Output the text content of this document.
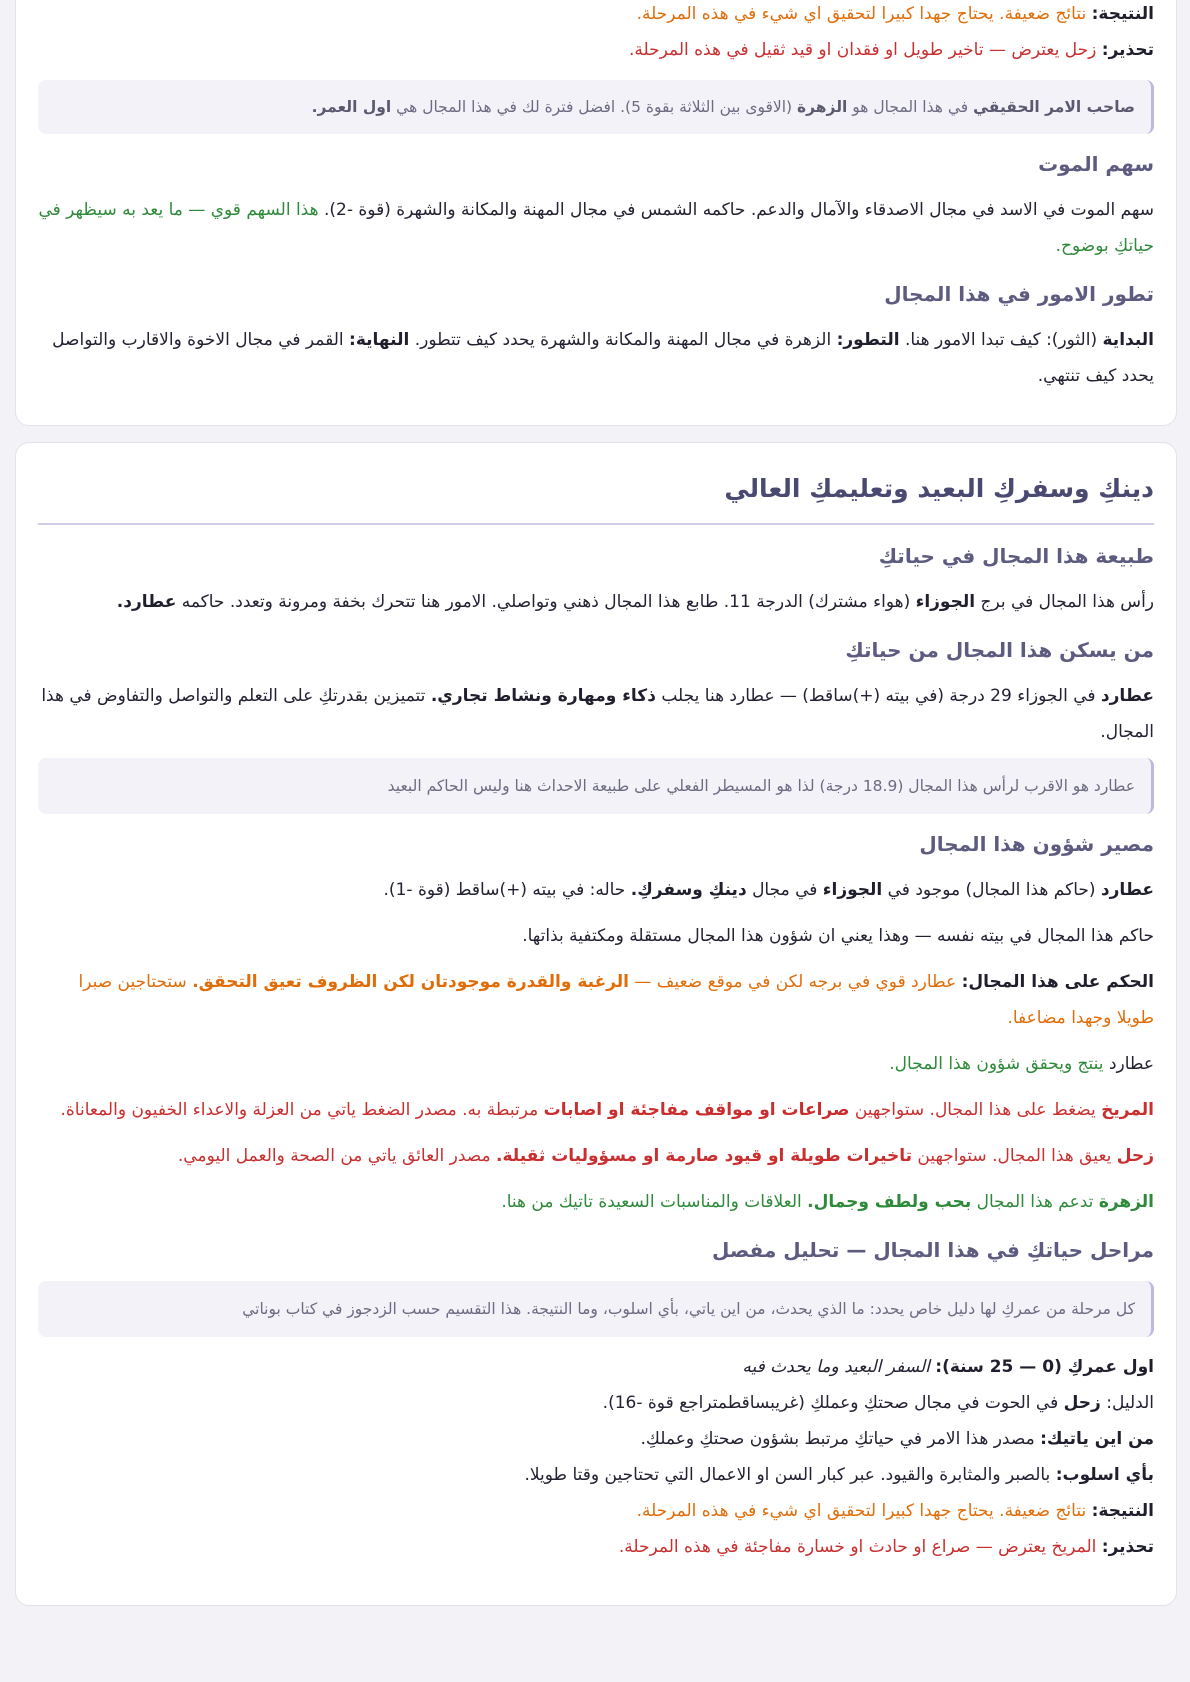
النتيجة: نتائج ضعيفة. يحتاج جهدا كبيرا لتحقيق اي شيء في هذه المرحلة.

تحذير: زحل يعترض — تاخير طويل او فقدان او قيد ثقيل في هذه المرحلة.

صاحب الامر الحقيقي في هذا المجال هو الزهرة (الاقوى بين الثلاثة بقوة 5). افضل فترة لك في هذا المجال هي اول العمر.
سهم الموت

سهم الموت في الاسد في مجال الاصدقاء والآمال والدعم. حاكمه الشمس في مجال المهنة والمكانة والشهرة (قوة -2). هذا السهم قوي — ما يعد به سيظهر في حياتكِ بوضوح.

تطور الامور في هذا المجال

البداية (الثور): كيف تبدا الامور هنا. التطور: الزهرة في مجال المهنة والمكانة والشهرة يحدد كيف تتطور. النهاية: القمر في مجال الاخوة والاقارب والتواصل يحدد كيف تنتهي.

دينكِ وسفركِ البعيد وتعليمكِ العالي
طبيعة هذا المجال في حياتكِ

رأس هذا المجال في برج الجوزاء (هواء مشترك) الدرجة 11. طابع هذا المجال ذهني وتواصلي. الامور هنا تتحرك بخفة ومرونة وتعدد. حاكمه عطارد.

من يسكن هذا المجال من حياتكِ

عطارد في الجوزاء 29 درجة (في بيته (+)ساقط) — عطارد هنا يجلب ذكاء ومهارة ونشاط تجاري. تتميزين بقدرتكِ على التعلم والتواصل والتفاوض في هذا المجال.

عطارد هو الاقرب لرأس هذا المجال (18.9 درجة) لذا هو المسيطر الفعلي على طبيعة الاحداث هنا وليس الحاكم البعيد
مصير شؤون هذا المجال

عطارد (حاكم هذا المجال) موجود في الجوزاء في مجال دينكِ وسفركِ. حاله: في بيته (+)ساقط (قوة -1).

حاكم هذا المجال في بيته نفسه — وهذا يعني ان شؤون هذا المجال مستقلة ومكتفية بذاتها.

الحكم على هذا المجال: عطارد قوي في برجه لكن في موقع ضعيف — الرغبة والقدرة موجودتان لكن الظروف تعيق التحقق. ستحتاجين صبرا طويلا وجهدا مضاعفا.

عطارد ينتج ويحقق شؤون هذا المجال.

المريخ يضغط على هذا المجال. ستواجهين صراعات او مواقف مفاجئة او اصابات مرتبطة به. مصدر الضغط ياتي من العزلة والاعداء الخفيون والمعاناة.

زحل يعيق هذا المجال. ستواجهين تاخيرات طويلة او قيود صارمة او مسؤوليات ثقيلة. مصدر العائق ياتي من الصحة والعمل اليومي.

الزهرة تدعم هذا المجال بحب ولطف وجمال. العلاقات والمناسبات السعيدة تاتيك من هنا.

مراحل حياتكِ في هذا المجال — تحليل مفصل
كل مرحلة من عمركِ لها دليل خاص يحدد: ما الذي يحدث، من اين ياتي، بأي اسلوب، وما النتيجة. هذا التقسيم حسب الزدجوز في كتاب بوناتي

اول عمركِ (0 — 25 سنة): السفر البعيد وما يحدث فيه

الدليل: زحل في الحوت في مجال صحتكِ وعملكِ (غريبساقطمتراجع قوة -16).

من اين ياتيك: مصدر هذا الامر في حياتكِ مرتبط بشؤون صحتكِ وعملكِ.

بأي اسلوب: بالصبر والمثابرة والقيود. عبر كبار السن او الاعمال التي تحتاجين وقتا طويلا.

النتيجة: نتائج ضعيفة. يحتاج جهدا كبيرا لتحقيق اي شيء في هذه المرحلة.

تحذير: المريخ يعترض — صراع او حادث او خسارة مفاجئة في هذه المرحلة.
